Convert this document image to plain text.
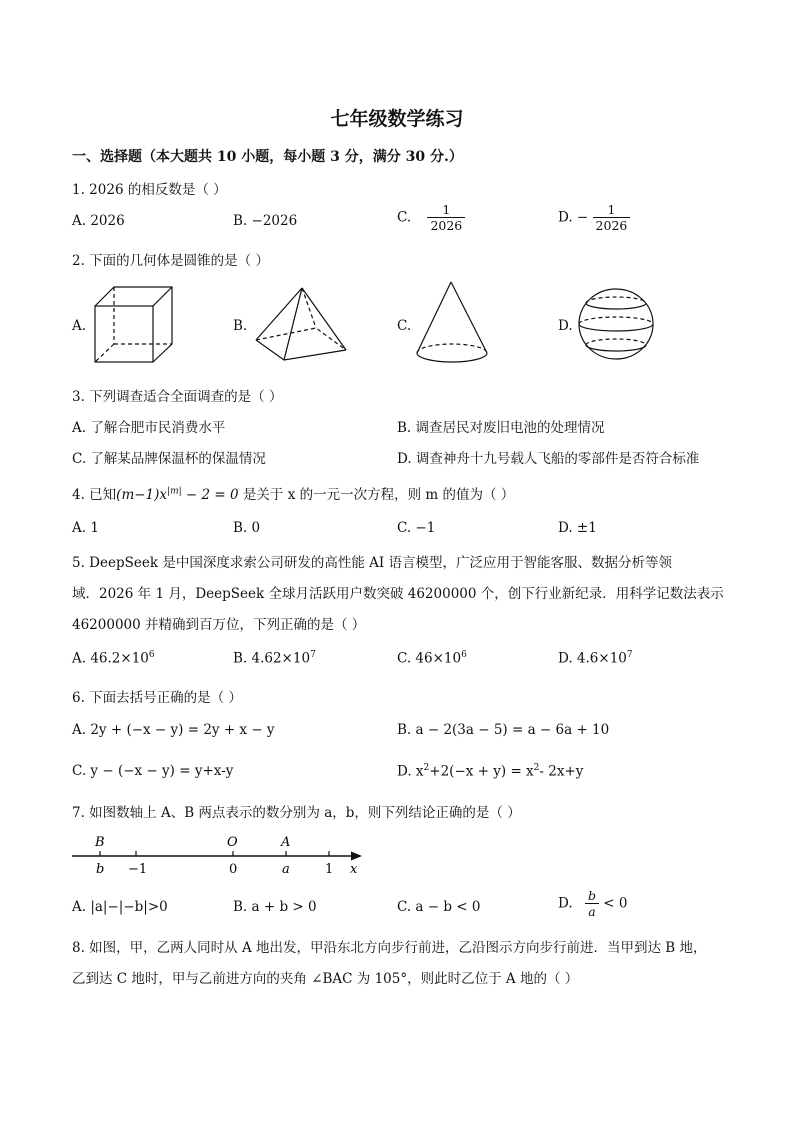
七年级数学练习
一、选择题（本大题共 10 小题，每小题 3 分，满分 30 分.）
1. 2026 的相反数是（ ）
A. 2026	B. −2026	C. $\frac{1}{2026}$	D. − $\frac{1}{2026}$
2. 下面的几何体是圆锥的是（ ）
A.	B.	C.	D.
3. 下列调查适合全面调查的是（ ）
A. 了解合肥市民消费水平	B. 调查居民对废旧电池的处理情况
C. 了解某品牌保温杯的保温情况	D. 调查神舟十九号载人飞船的零部件是否符合标准
4. 已知$(m-1)x^{|m|} - 2 = 0$ 是关于 x 的一元一次方程，则 m 的值为（ ）
A. 1	B. 0	C. −1	D. ±1
5. DeepSeek 是中国深度求索公司研发的高性能 AI 语言模型，广泛应用于智能客服、数据分析等领
域．2026 年 1 月，DeepSeek 全球月活跃用户数突破 46200000 个，创下行业新纪录．用科学记数法表示
46200000 并精确到百万位，下列正确的是（ ）
A. $46.2\times 10^6$	B. $4.62\times 10^7$	C. $46\times 10^6$	D. $4.6\times 10^7$
6. 下面去括号正确的是（ ）
A. 2y + (−x − y) = 2y + x − y	B. a − 2(3a − 5) = a − 6a + 10
C. y − (−x − y) = y+x-y	D. $x^2+2(-x + y) = x^2-$ 2x+y
7. 如图数轴上 A、B 两点表示的数分别为 a，b，则下列结论正确的是（ ）
B	O	A
b −1	0	a	1 x
A. |a|−|−b|>0	B. a + b > 0	C. a − b < 0	D. $\frac{b}{a} < 0$
8. 如图，甲，乙两人同时从 A 地出发，甲沿东北方向步行前进，乙沿图示方向步行前进．当甲到达 B 地，
乙到达 C 地时，甲与乙前进方向的夹角 ∠BAC 为 105°，则此时乙位于 A 地的（ ）
